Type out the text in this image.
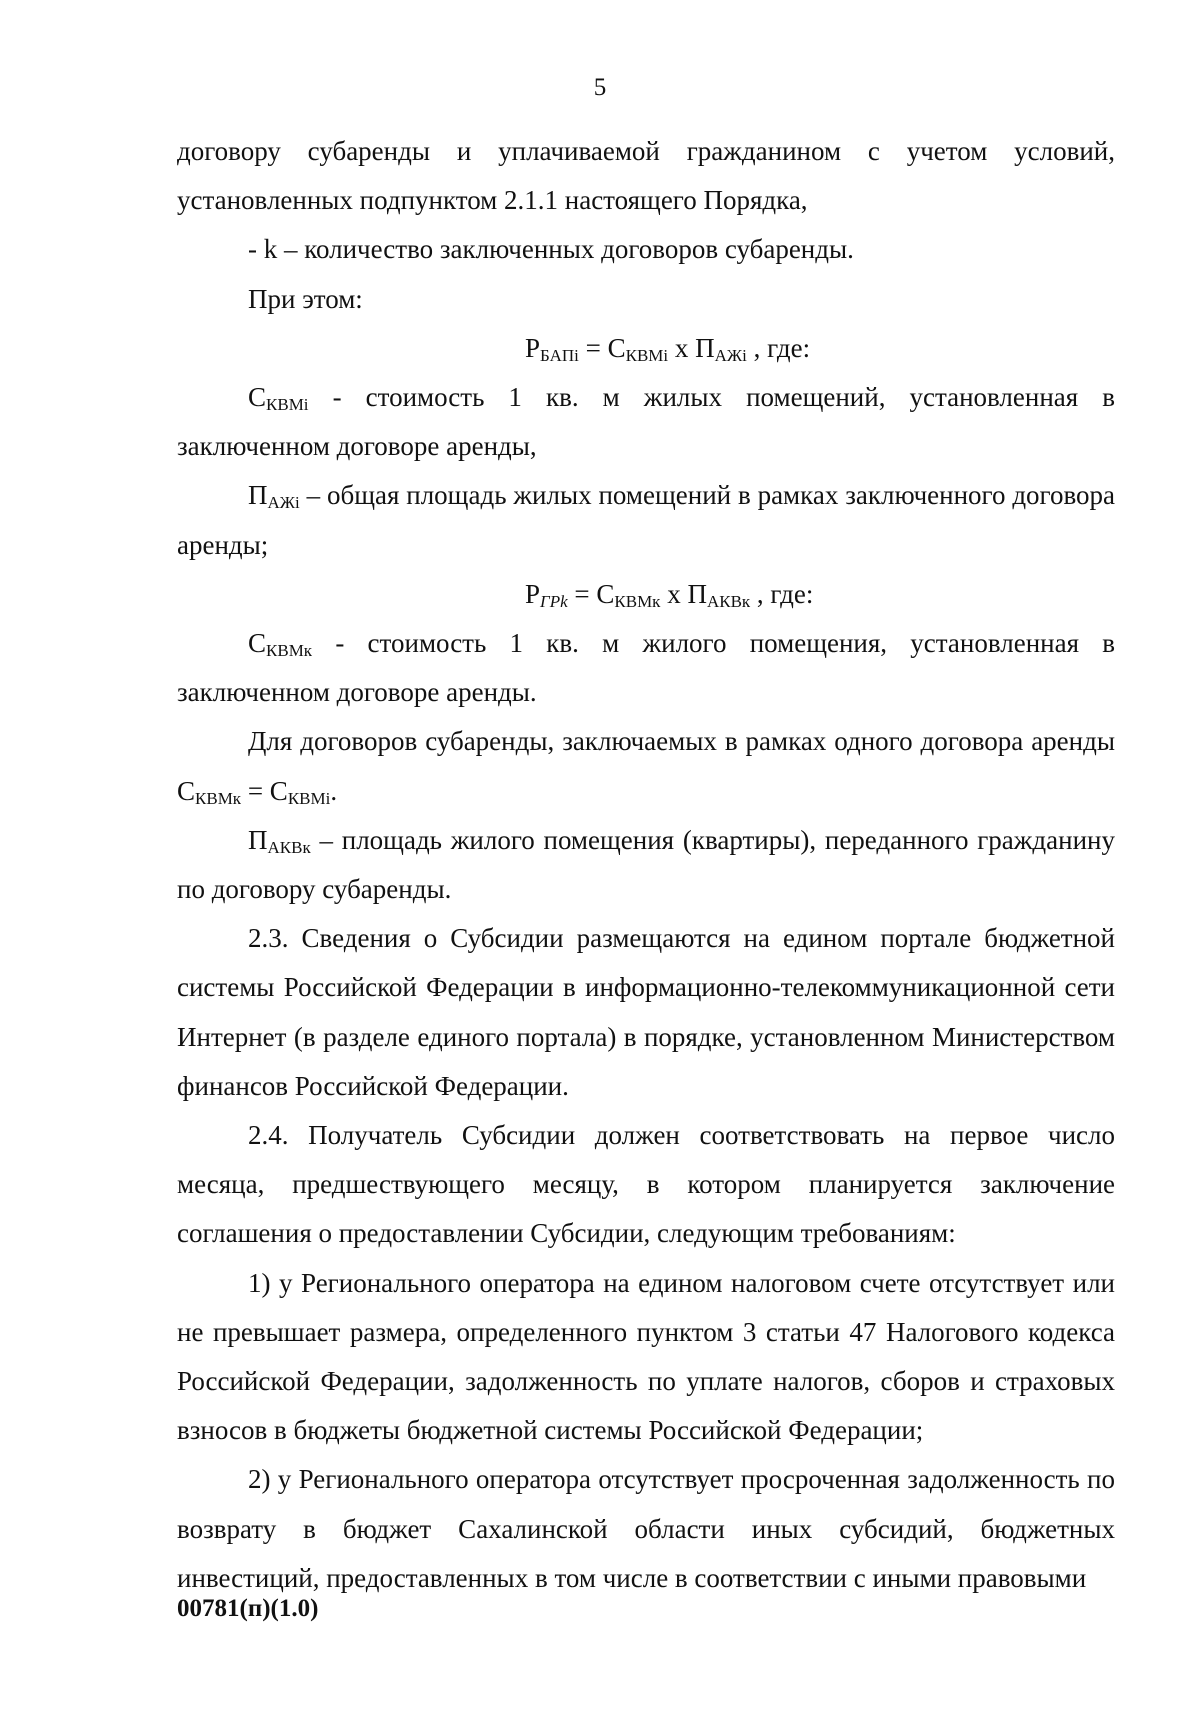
5

договору субаренды и уплачиваемой гражданином с учетом условий, установленных подпунктом 2.1.1 настоящего Порядка,

- k – количество заключенных договоров субаренды.

При этом:

$Р_{БАПi} = С_{КВМi}$ х $П_{АЖi}$ , где:

$С_{КВМi}$ - стоимость 1 кв. м жилых помещений, установленная в заключенном договоре аренды,

$П_{АЖi}$ – общая площадь жилых помещений в рамках заключенного договора аренды;

$Р_{ГРk} = С_{КВМк}$ х $П_{АКВк}$ , где:

$С_{КВМк}$ - стоимость 1 кв. м жилого помещения, установленная в заключенном договоре аренды.

Для договоров субаренды, заключаемых в рамках одного договора аренды $С_{КВМк} = С_{КВМi}$.

$П_{АКВк}$ – площадь жилого помещения (квартиры), переданного гражданину по договору субаренды.

2.3. Сведения о Субсидии размещаются на едином портале бюджетной системы Российской Федерации в информационно-телекоммуникационной сети Интернет (в разделе единого портала) в порядке, установленном Министерством финансов Российской Федерации.

2.4. Получатель Субсидии должен соответствовать на первое число месяца, предшествующего месяцу, в котором планируется заключение соглашения о предоставлении Субсидии, следующим требованиям:

1) у Регионального оператора на едином налоговом счете отсутствует или не превышает размера, определенного пунктом 3 статьи 47 Налогового кодекса Российской Федерации, задолженность по уплате налогов, сборов и страховых взносов в бюджеты бюджетной системы Российской Федерации;

2) у Регионального оператора отсутствует просроченная задолженность по возврату в бюджет Сахалинской области иных субсидий, бюджетных инвестиций, предоставленных в том числе в соответствии с иными правовыми

00781(п)(1.0)
